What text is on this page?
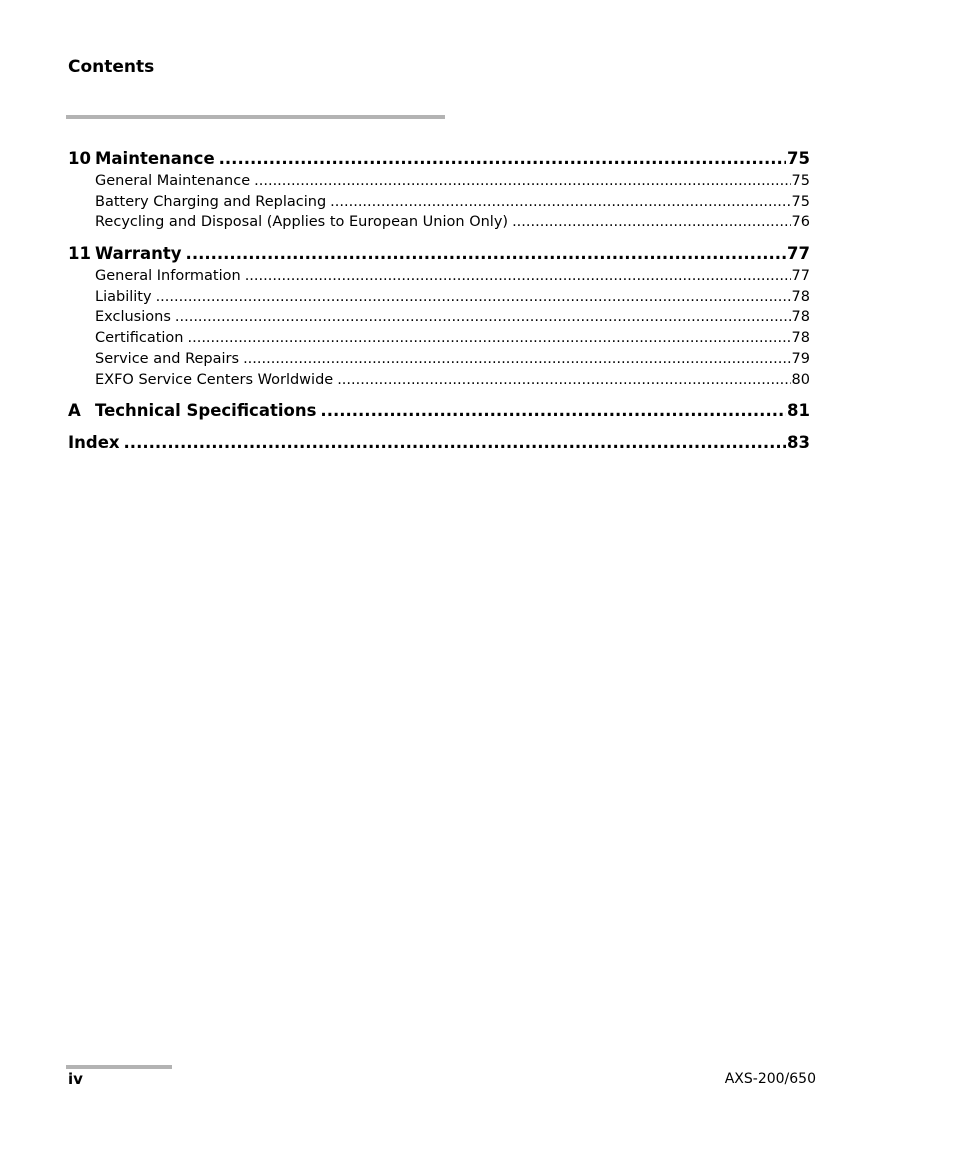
Contents
10 Maintenance .....	75
General Maintenance .....	75
Battery Charging and Replacing .....	75
Recycling and Disposal (Applies to European Union Only) .....	76
11 Warranty .....	77
General Information .....	77
Liability .....	78
Exclusions .....	78
Certification .....	78
Service and Repairs .....	79
EXFO Service Centers Worldwide .....	80
A Technical Specifications .....	81
Index .....	83
iv	AXS-200/650
